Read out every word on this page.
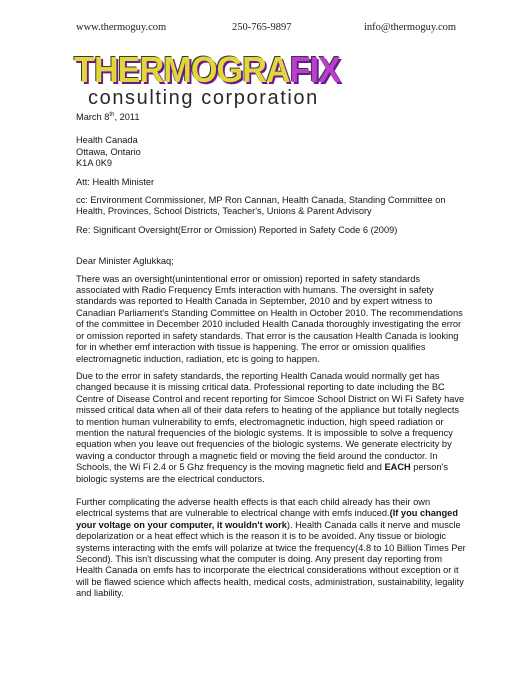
www.thermoguy.com	250-765-9897	info@thermoguy.com
THERMOGRAFIX
consulting corporation

March 8th, 2011

Health Canada
Ottawa, Ontario
K1A 0K9

Att: Health Minister

cc: Environment Commissioner, MP Ron Cannan, Health Canada, Standing Committee on Health, Provinces, School Districts, Teacher's, Unions & Parent Advisory

Re: Significant Oversight(Error or Omission) Reported in Safety Code 6 (2009)

Dear Minister Aglukkaq;

There was an oversight(unintentional error or omission) reported in safety standards associated with Radio Frequency Emfs interaction with humans. The oversight in safety standards was reported to Health Canada in September, 2010 and by expert witness to Canadian Parliament's Standing Committee on Health in October 2010. The recommendations of the committee in December 2010 included Health Canada thoroughly investigating the error or omission reported in safety standards. That error is the causation Health Canada is looking for in whether emf interaction with tissue is happening. The error or omission qualifies electromagnetic induction, radiation, etc is going to happen.

Due to the error in safety standards, the reporting Health Canada would normally get has changed because it is missing critical data. Professional reporting to date including the BC Centre of Disease Control and recent reporting for Simcoe School District on Wi Fi Safety have missed critical data when all of their data refers to heating of the appliance but totally neglects to mention human vulnerability to emfs, electromagnetic induction, high speed radiation or mention the natural frequencies of the biologic systems. It is impossible to solve a frequency equation when you leave out frequencies of the biologic systems. We generate electricity by waving a conductor through a magnetic field or moving the field around the conductor. In Schools, the Wi Fi 2.4 or 5 Ghz frequency is the moving magnetic field and EACH person's biologic systems are the electrical conductors.

Further complicating the adverse health effects is that each child already has their own electrical systems that are vulnerable to electrical change with emfs induced.(If you changed your voltage on your computer, it wouldn't work). Health Canada calls it nerve and muscle depolarization or a heat effect which is the reason it is to be avoided. Any tissue or biologic systems interacting with the emfs will polarize at twice the frequency(4.8 to 10 Billion Times Per Second). This isn't discussing what the computer is doing. Any present day reporting from Health Canada on emfs has to incorporate the electrical considerations without exception or it will be flawed science which affects health, medical costs, administration, sustainability, legality and liability.
